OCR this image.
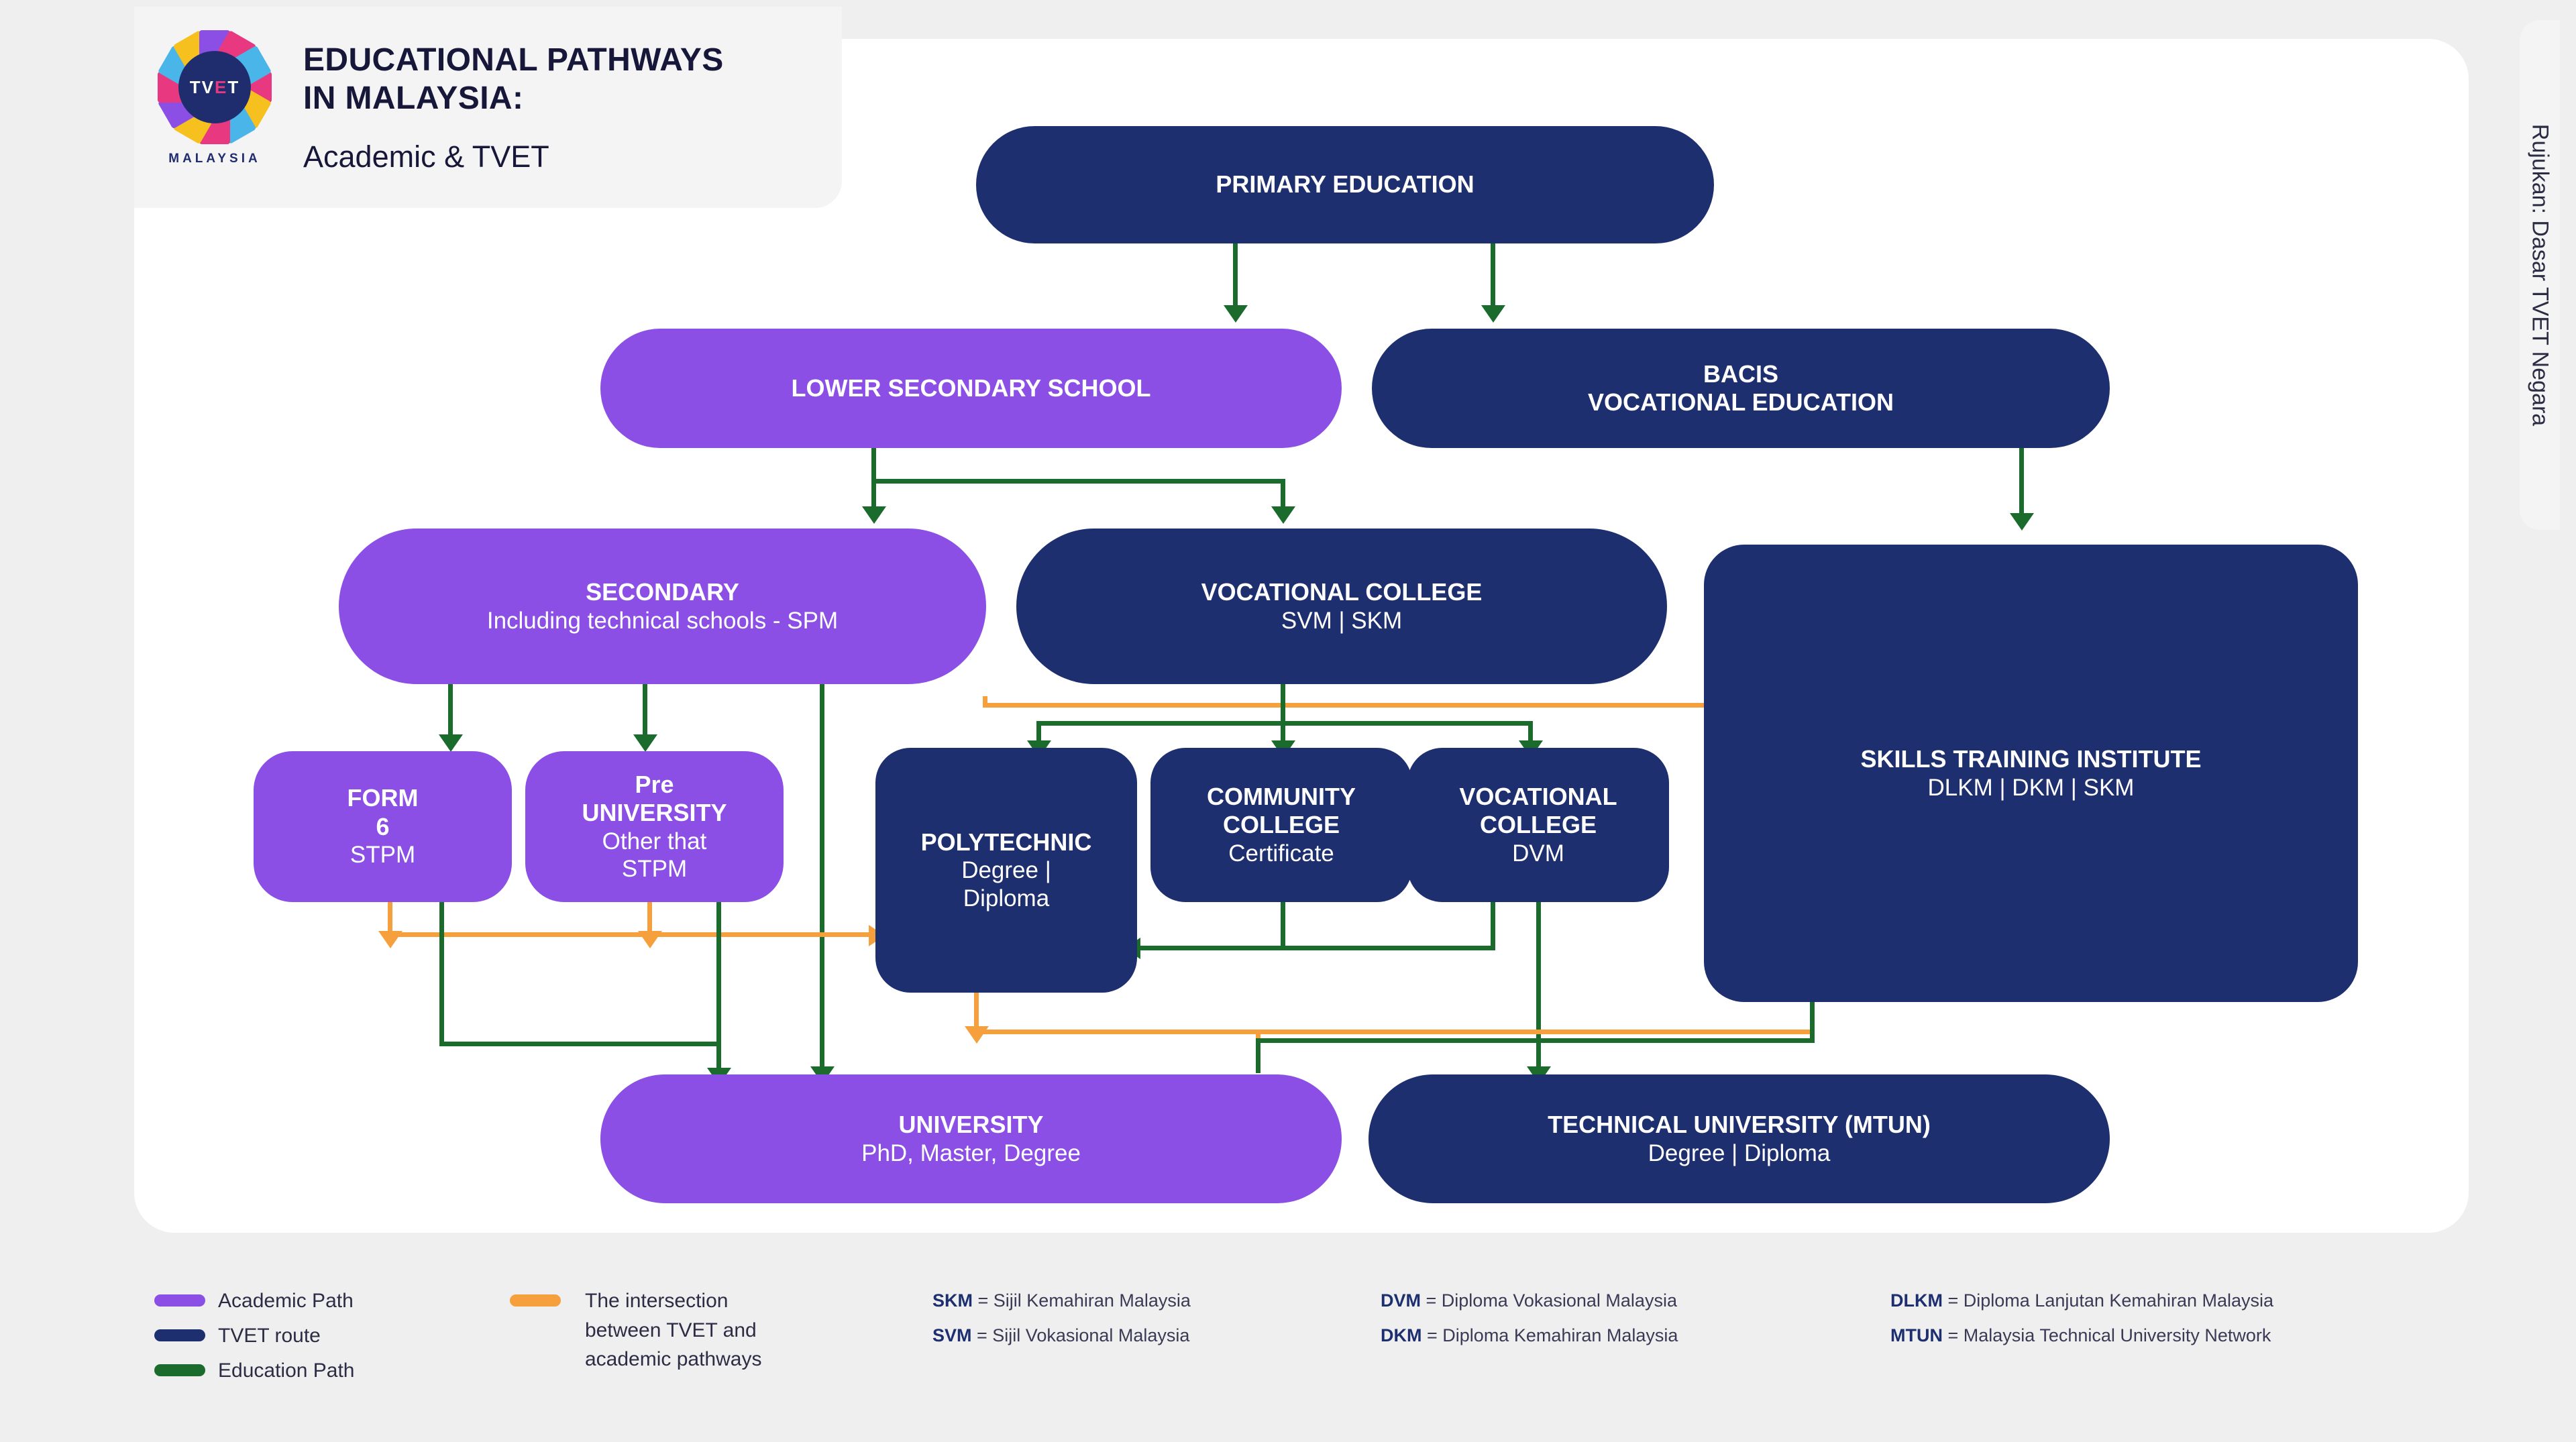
TVET
MALAYSIA
EDUCATIONAL PATHWAYS
IN MALAYSIA:
Academic & TVET	Rujukan: Dasar TVET Negara
PRIMARY EDUCATION
LOWER SECONDARY SCHOOL
BACIS
VOCATIONAL EDUCATION
SECONDARY
Including technical schools - SPM
VOCATIONAL COLLEGE
SVM | SKM
SKILLS TRAINING INSTITUTE
DLKM | DKM | SKM
FORM
6
STPM
Pre
UNIVERSITY
Other that
STPM
POLYTECHNIC
Degree |
Diploma
COMMUNITY
COLLEGE
Certificate
VOCATIONAL
COLLEGE
DVM
UNIVERSITY
PhD, Master, Degree
TECHNICAL UNIVERSITY (MTUN)
Degree | Diploma
Academic Path
TVET route
Education Path
The intersection
between TVET and
academic pathways
SKM = Sijil Kemahiran Malaysia
SVM = Sijil Vokasional Malaysia
DVM = Diploma Vokasional Malaysia
DKM = Diploma Kemahiran Malaysia
DLKM = Diploma Lanjutan Kemahiran Malaysia
MTUN = Malaysia Technical University Network
